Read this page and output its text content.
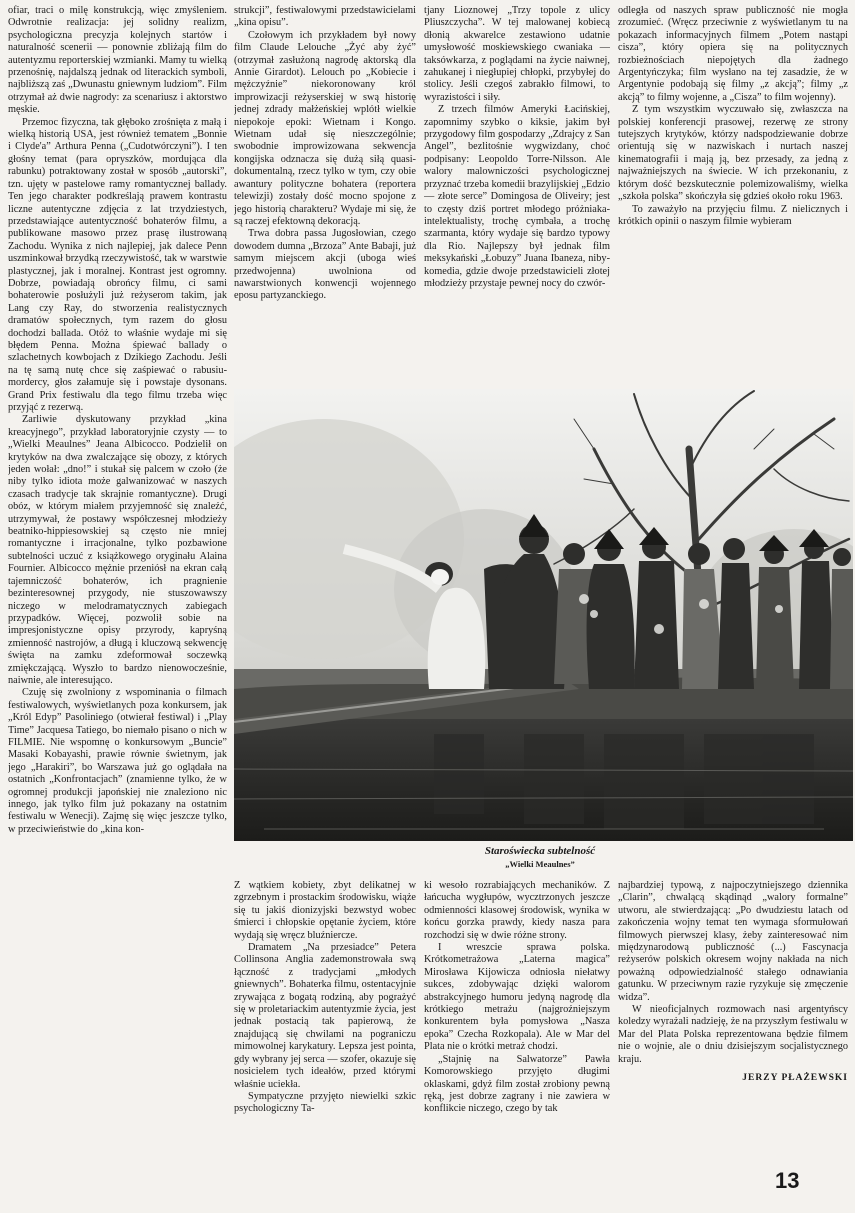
ofiar, traci o milę konstrukcją, więc zmyśleniem. Odwrotnie realizacja: jej solidny realizm, psychologiczna precyzja kolejnych startów i naturalność scenerii — ponownie zbliżają film do autentyzmu reporterskiej wzmianki. Mamy tu wielką przenośnię, najdalszą jednak od literackich symboli, najbliższą zaś „Dwunastu gniewnym ludziom”. Film otrzymał aż dwie nagrody: za scenariusz i aktorstwo męskie.

Przemoc fizyczna, tak głęboko zrośnięta z małą i wielką historią USA, jest również tematem „Bonnie i Clyde'a” Arthura Penna („Cudotwórczyni”). I ten głośny temat (para opryszków, mordująca dla rabunku) potraktowany został w sposób „autorski”, tzn. ujęty w pastelowe ramy romantycznej ballady. Ten jego charakter podkreślają prawem kontrastu liczne autentyczne zdjęcia z lat trzydziestych, przedstawiające autentyczność bohaterów filmu, a publikowane masowo przez prasę ilustrowaną Zachodu. Wynika z nich najlepiej, jak dalece Penn uszminkował brzydką rzeczywistość, tak w warstwie plastycznej, jak i moralnej. Kontrast jest ogromny. Dobrze, powiadają obrońcy filmu, ci sami bohaterowie posłużyli już reżyserom takim, jak Lang czy Ray, do stworzenia realistycznych dramatów społecznych, tym razem do głosu dochodzi ballada. Otóż to właśnie wydaje mi się błędem Penna. Można śpiewać ballady o szlachetnych kowbojach z Dzikiego Zachodu. Jeśli na tę samą nutę chce się zaśpiewać o rabusiu-mordercy, głos załamuje się i powstaje dysonans. Grand Prix festiwalu dla tego filmu trzeba więc przyjąć z rezerwą.

Zarliwie dyskutowany przykład „kina kreacyjnego”, przykład laboratoryjnie czysty — to „Wielki Meaulnes” Jeana Albicocco. Podzielił on krytyków na dwa zwalczające się obozy, z których jeden wołał: „dno!” i stukał się palcem w czoło (że niby tylko idiota może galwanizować w naszych czasach tradycje tak skrajnie romantyczne). Drugi obóz, w którym miałem przyjemność się znaleźć, utrzymywał, że postawy współczesnej młodzieży beatniko-hippiesowskiej są często nie mniej romantyczne i irracjonalne, tylko pozbawione subtelności uczuć z książkowego oryginału Alaina Fournier. Albicocco mężnie przeniósł na ekran całą tajemniczość bohaterów, ich pragnienie bezinteresownej przygody, nie stuszowawszy niczego w melodramatycznych zabiegach przypadków. Więcej, pozwolił sobie na impresjonistyczne opisy przyrody, kapryśną zmienność nastrojów, a długą i kluczową sekwencję święta na zamku zdeformował soczewką zmiękczającą. Wyszło to bardzo nienowocześnie, naiwnie, ale interesująco.

Czuję się zwolniony z wspominania o filmach festiwalowych, wyświetlanych poza konkursem, jak „Król Edyp” Pasoliniego (otwierał festiwal) i „Play Time” Jacquesa Tatiego, bo niemało pisano o nich w FILMIE. Nie wspomnę o konkursowym „Buncie” Masaki Kobayashi, prawie równie świetnym, jak jego „Harakiri”, bo Warszawa już go oglądała na ostatnich „Konfrontacjach” (znamienne tylko, że w ogromnej produkcji japońskiej nie znaleziono nic innego, jak tylko film już pokazany na ostatnim festiwalu w Wenecji). Zajmę się więc jeszcze tylko, w przeciwieństwie do „kina kon-

strukcji”, festiwalowymi przedstawicielami „kina opisu”.

Czołowym ich przykładem był nowy film Claude Lelouche „Żyć aby żyć” (otrzymał zasłużoną nagrodę aktorską dla Annie Girardot). Lelouch po „Kobiecie i mężczyźnie” niekoronowany król improwizacji reżyserskiej w swą historię jednej zdrady małżeńskiej wplótł wielkie niepokoje epoki: Wietnam i Kongo. Wietnam udał się nieszczególnie; swobodnie improwizowana sekwencja kongijska odznacza się dużą siłą quasi-dokumentalną, rzecz tylko w tym, czy obie awantury polityczne bohatera (reportera telewizji) zostały dość mocno spojone z jego historią charakteru? Wydaje mi się, że są raczej efektowną dekoracją.

Trwa dobra passa Jugosłowian, czego dowodem dumna „Brzoza” Ante Babaji, już samym miejscem akcji (uboga wieś przedwojenna) uwolniona od nawarstwionych konwencji wojennego eposu partyzanckiego.

tjany Lioznowej „Trzy topole z ulicy Pliuszczycha”. W tej malowanej kobiecą dłonią akwarelce zestawiono udatnie umysłowość moskiewskiego cwaniaka — taksówkarza, z poglądami na życie naiwnej, zahukanej i niegłupiej chłopki, przybyłej do stolicy. Jeśli czegoś zabrakło filmowi, to wyrazistości i siły.

Z trzech filmów Ameryki Łacińskiej, zapomnimy szybko o kiksie, jakim był przygodowy film gospodarzy „Zdrajcy z San Angel”, bezlitośnie wygwizdany, choć podpisany: Leopoldo Torre-Nilsson. Ale walory malowniczości psychologicznej przyznać trzeba komedii brazylijskiej „Edzio — złote serce” Domingosa de Oliveiry; jest to częsty dziś portret młodego próżniaka-intelektualisty, trochę cymbała, a trochę szarmanta, który wydaje się bardzo typowy dla Rio. Najlepszy był jednak film meksykański „Łobuzy” Juana Ibaneza, niby-komedia, gdzie dwoje przedstawicieli złotej młodzieży przystaje pewnej nocy do czwór-

odległa od naszych spraw publiczność nie mogła zrozumieć. (Wręcz przeciwnie z wyświetlanym tu na pokazach informacyjnych filmem „Potem nastąpi cisza”, który opiera się na politycznych rozbieżnościach niepojętych dla żadnego Argentyńczyka; film wysłano na tej zasadzie, że w Argentynie podobają się filmy „z akcją”; filmy „z akcją” to filmy wojenne, a „Cisza” to film wojenny).

Z tym wszystkim wyczuwało się, zwłaszcza na polskiej konferencji prasowej, rezerwę ze strony tutejszych krytyków, którzy nadspodziewanie dobrze orientują się w nazwiskach i nurtach naszej kinematografii i mają ją, bez przesady, za jedną z najważniejszych na świecie. W ich przekonaniu, z którym dość bezskutecznie polemizowaliśmy, wielka „szkoła polska” skończyła się gdzieś około roku 1963.

To zaważyło na przyjęciu filmu. Z nielicznych i krótkich opinii o naszym filmie wybieram

Staroświecka subtelność
„Wielki Meaulnes”

Z wątkiem kobiety, zbyt delikatnej w zgrzebnym i prostackim środowisku, wiąże się tu jakiś dionizyjski bezwstyd wobec śmierci i chłopskie opętanie życiem, które wydają się wręcz bluźniercze.

Dramatem „Na przesiadce” Petera Collinsona Anglia zademonstrowała swą łączność z tradycjami „młodych gniewnych”. Bohaterka filmu, ostentacyjnie zrywająca z bogatą rodziną, aby pograżyć się w proletariackim autentyzmie życia, jest jednak postacią tak papierową, że znajdującą się chwilami na pograniczu mimowolnej karykatury. Lepsza jest pointa, gdy wybrany jej serca — szofer, okazuje się nosicielem tych ideałów, przed którymi właśnie uciekła.

Sympatyczne przyjęto niewielki szkic psychologiczny Ta-

ki wesoło rozrabiających mechaników. Z łańcucha wygłupów, wycztrzonych jeszcze odmienności klasowej środowisk, wynika w końcu gorzka prawdy, kiedy nasza para rozchodzi się w dwie różne strony.

I wreszcie sprawa polska. Krótkometrażowa „Laterna magica” Mirosława Kijowicza odniosła niełatwy sukces, zdobywając dzięki walorom abstrakcyjnego humoru jedyną nagrodę dla krótkiego metrażu (najgroźniejszym konkurentem była pomysłowa „Nasza epoka” Czecha Rozkopala). Ale w Mar del Plata nie o krótki metraż chodzi.

„Stajnię na Salwatorze” Pawła Komorowskiego przyjęto długimi oklaskami, gdyż film został zrobiony pewną ręką, jest dobrze zagrany i nie zawiera w konflikcie niczego, czego by tak

najbardziej typową, z najpoczytniejszego dziennika „Clarin”, chwalącą skądinąd „walory formalne” utworu, ale stwierdzającą: „Po dwudziestu latach od zakończenia wojny temat ten wymaga sformułowań filmowych pierwszej klasy, żeby zainteresować nim międzynarodową publiczność (...) Fascynacja reżyserów polskich okresem wojny nakłada na nich poważną odpowiedzialność stałego odnawiania gatunku. W przeciwnym razie ryzykuje się zmęczenie widza”.

W nieoficjalnych rozmowach nasi argentyńscy koledzy wyrażali nadzieję, że na przyszłym festiwalu w Mar del Plata Polska reprezentowana będzie filmem nie o wojnie, ale o dniu dzisiejszym socjalistycznego kraju.

JERZY PŁAŻEWSKI

13
